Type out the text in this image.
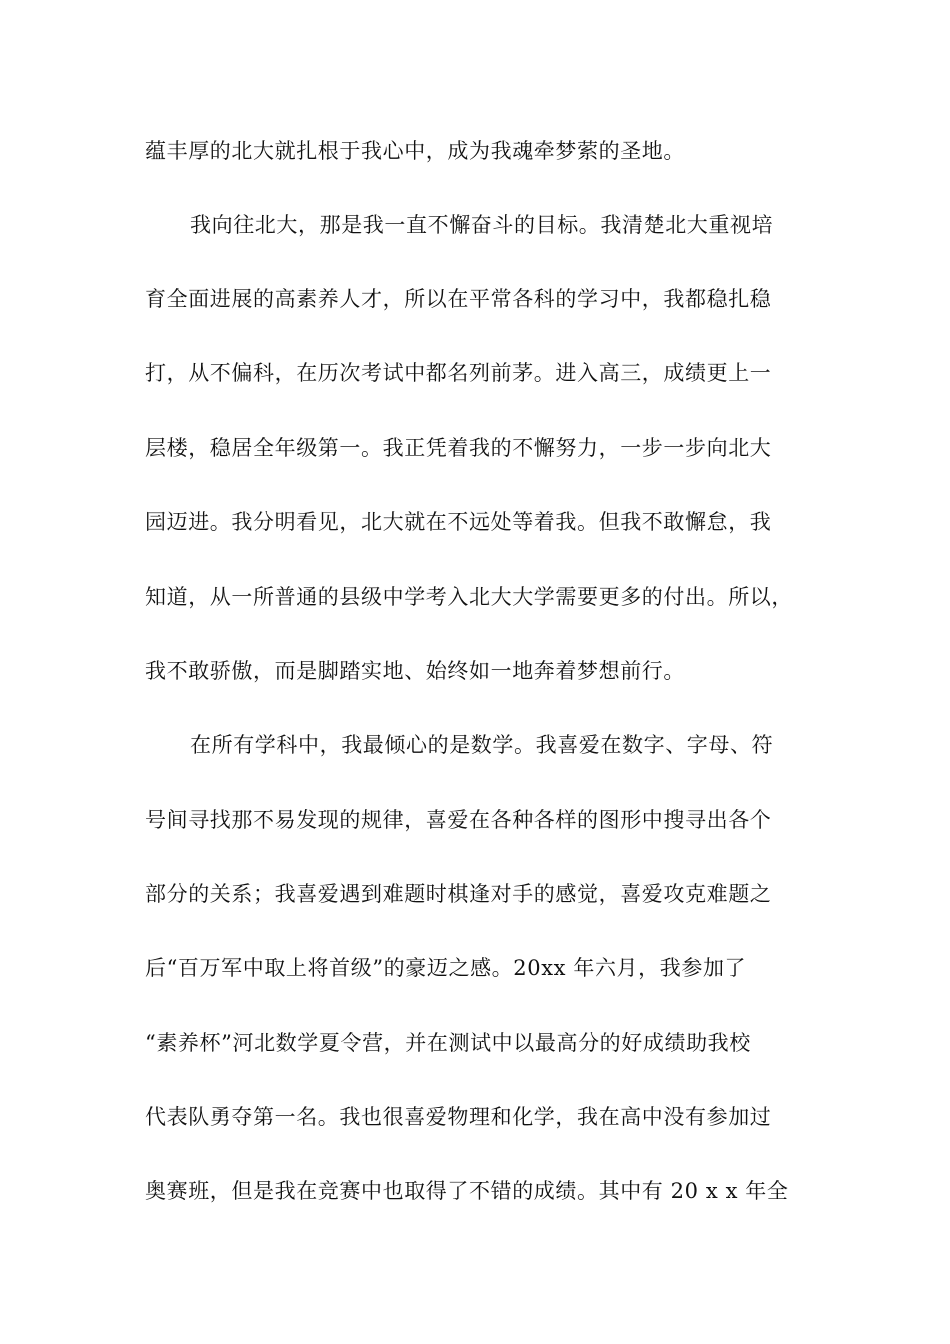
蕴丰厚的北大就扎根于我心中，成为我魂牵梦萦的圣地。
我向往北大，那是我一直不懈奋斗的目标。我清楚北大重视培
育全面进展的高素养人才，所以在平常各科的学习中，我都稳扎稳
打，从不偏科，在历次考试中都名列前茅。进入高三，成绩更上一
层楼，稳居全年级第一。我正凭着我的不懈努力，一步一步向北大
园迈进。我分明看见，北大就在不远处等着我。但我不敢懈怠，我
知道，从一所普通的县级中学考入北大大学需要更多的付出。所以，
我不敢骄傲，而是脚踏实地、始终如一地奔着梦想前行。
在所有学科中，我最倾心的是数学。我喜爱在数字、字母、符
号间寻找那不易发现的规律，喜爱在各种各样的图形中搜寻出各个
部分的关系；我喜爱遇到难题时棋逢对手的感觉，喜爱攻克难题之
后“百万军中取上将首级”的豪迈之感。20xx 年六月，我参加了
“素养杯”河北数学夏令营，并在测试中以最高分的好成绩助我校
代表队勇夺第一名。我也很喜爱物理和化学，我在高中没有参加过
奥赛班，但是我在竞赛中也取得了不错的成绩。其中有 20 x x 年全
